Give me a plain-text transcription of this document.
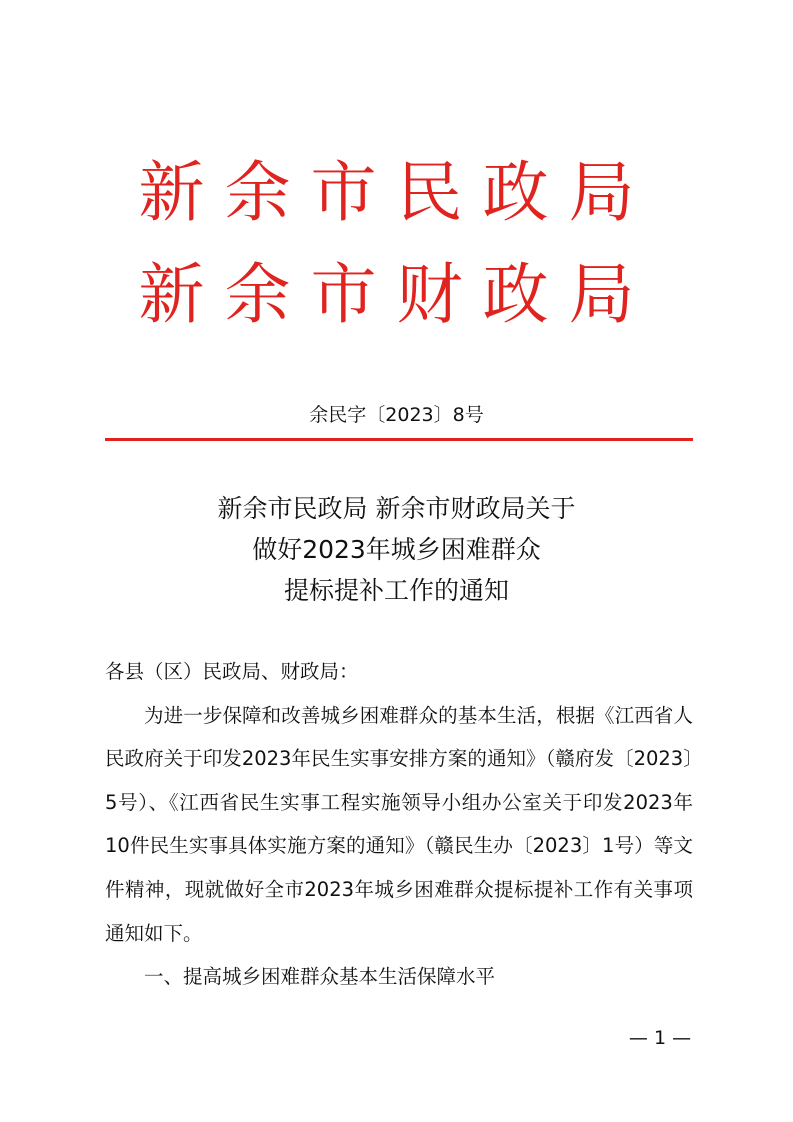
新余市民政局
新余市财政局
余民字〔2023〕8号
新余市民政局 新余市财政局关于
做好2023年城乡困难群众
提标提补工作的通知

各县（区）民政局、财政局：

为进一步保障和改善城乡困难群众的基本生活，根据《江西省人民政府关于印发2023年民生实事安排方案的通知》（赣府发〔2023〕5号）、《江西省民生实事工程实施领导小组办公室关于印发2023年10件民生实事具体实施方案的通知》（赣民生办〔2023〕1号）等文件精神，现就做好全市2023年城乡困难群众提标提补工作有关事项通知如下。

一、提高城乡困难群众基本生活保障水平

— 1 —
